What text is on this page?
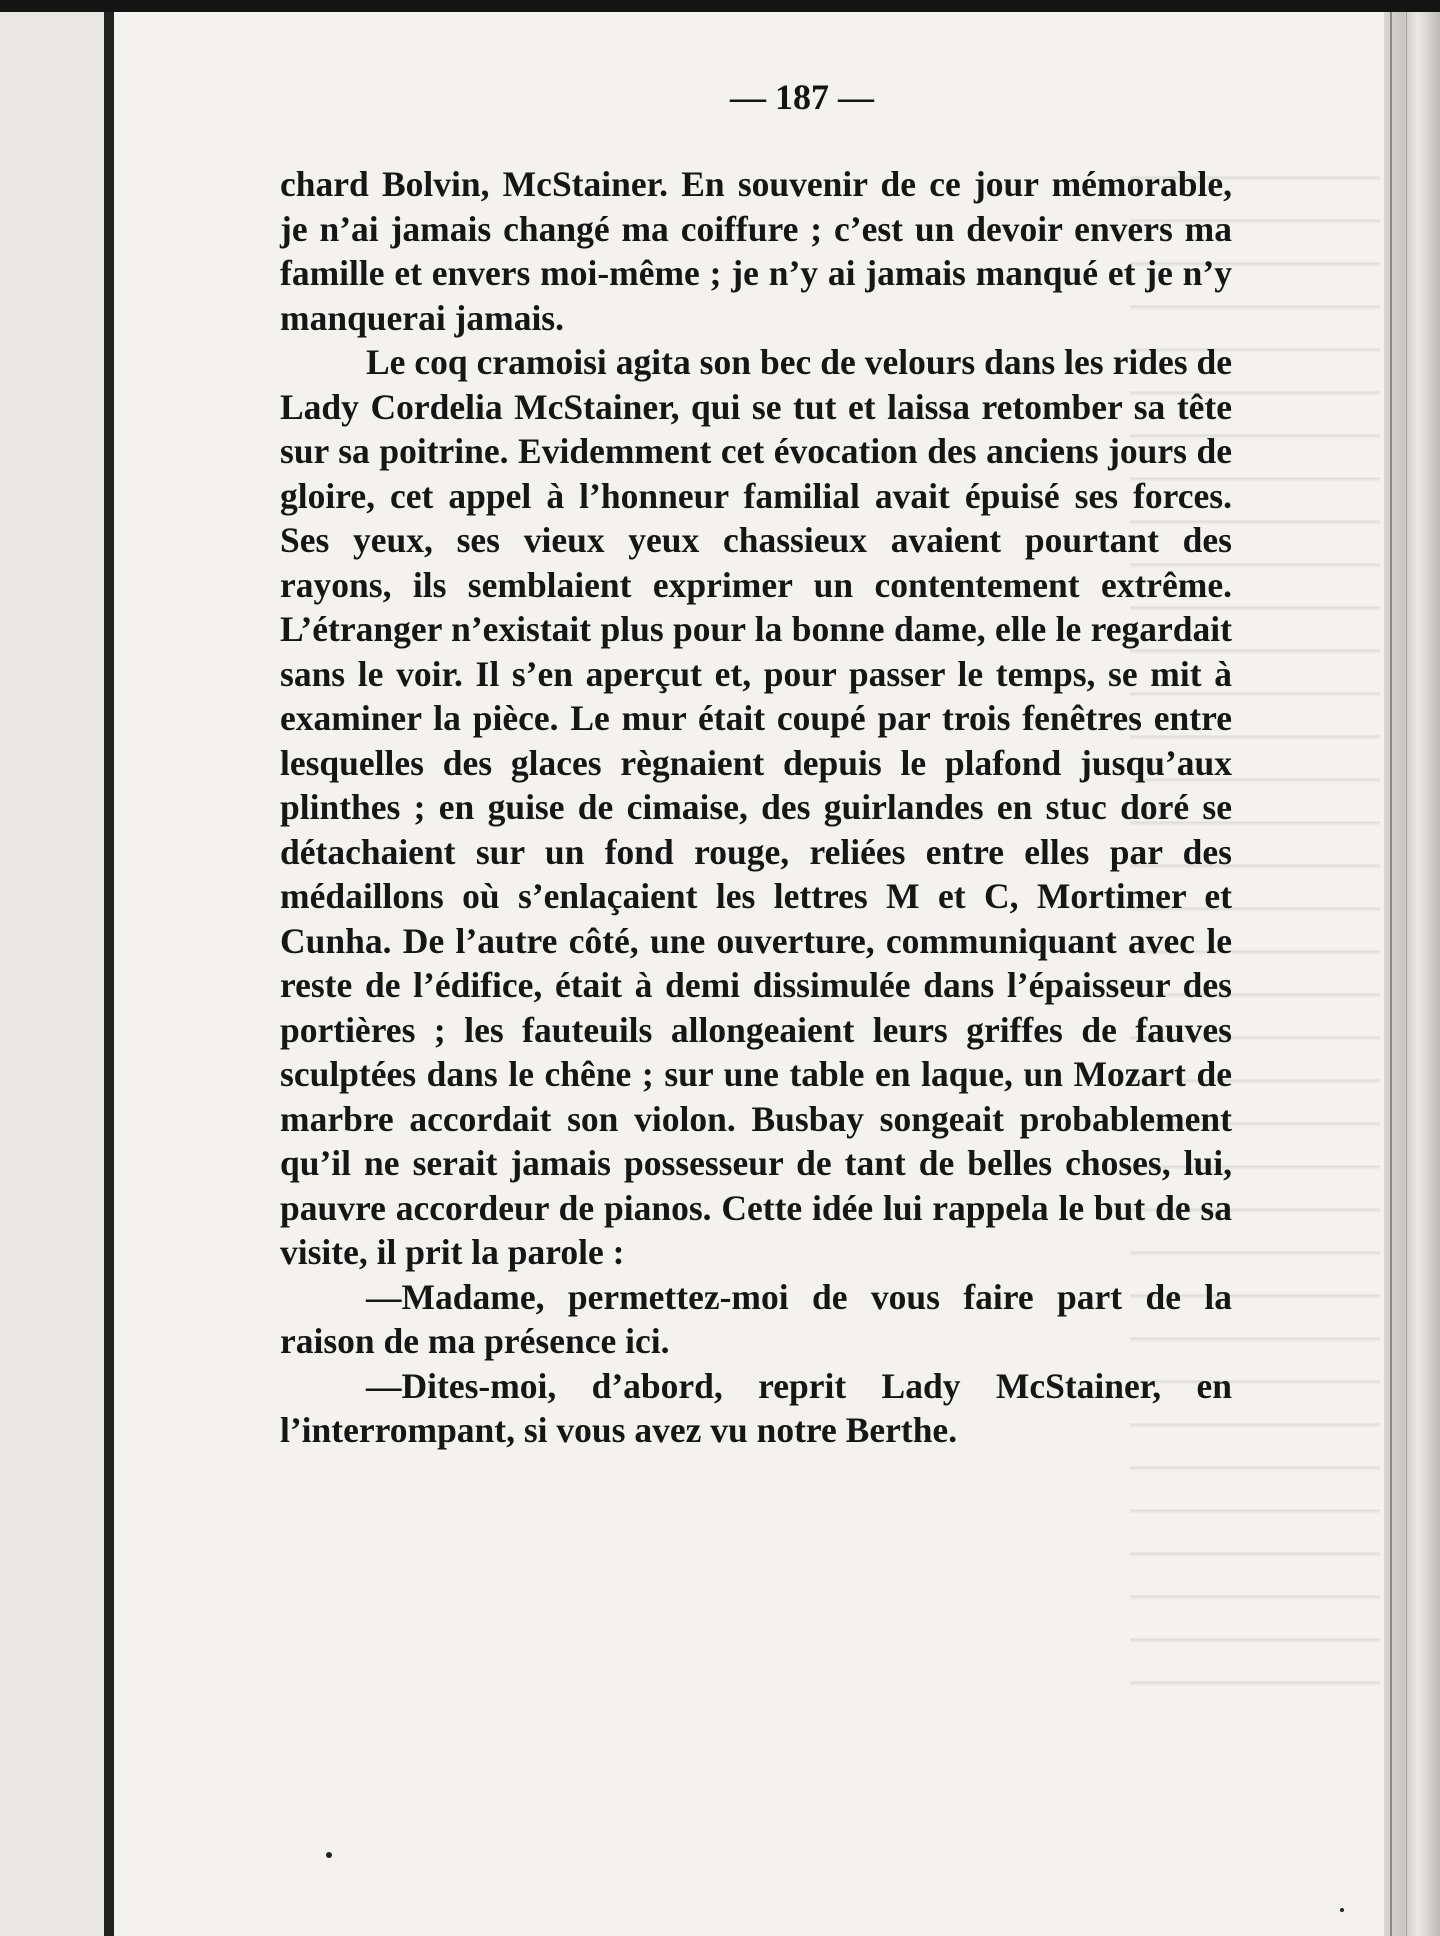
— 187 —

chard Bolvin, McStainer. En souvenir de ce jour mémorable, je n’ai jamais changé ma coiffure ; c’est un devoir envers ma famille et envers moi-même ; je n’y ai jamais manqué et je n’y manquerai jamais.

Le coq cramoisi agita son bec de velours dans les rides de Lady Cordelia McStainer, qui se tut et laissa retomber sa tête sur sa poitrine. Evidemment cet évocation des anciens jours de gloire, cet appel à l’honneur familial avait épuisé ses forces. Ses yeux, ses vieux yeux chassieux avaient pourtant des rayons, ils semblaient exprimer un contentement extrême. L’étranger n’existait plus pour la bonne dame, elle le regardait sans le voir. Il s’en aperçut et, pour passer le temps, se mit à examiner la pièce. Le mur était coupé par trois fenêtres entre lesquelles des glaces règnaient depuis le plafond jusqu’aux plinthes ; en guise de cimaise, des guirlandes en stuc doré se détachaient sur un fond rouge, reliées entre elles par des médaillons où s’enlaçaient les lettres M et C, Mortimer et Cunha. De l’autre côté, une ouverture, communiquant avec le reste de l’édifice, était à demi dissimulée dans l’épaisseur des portières ; les fauteuils allongeaient leurs griffes de fauves sculptées dans le chêne ; sur une table en laque, un Mozart de marbre accordait son violon. Busbay songeait probablement qu’il ne serait jamais possesseur de tant de belles choses, lui, pauvre accordeur de pianos. Cette idée lui rappela le but de sa visite, il prit la parole :

—Madame, permettez-moi de vous faire part de la raison de ma présence ici.

—Dites-moi, d’abord, reprit Lady McStainer, en l’interrompant, si vous avez vu notre Berthe.
